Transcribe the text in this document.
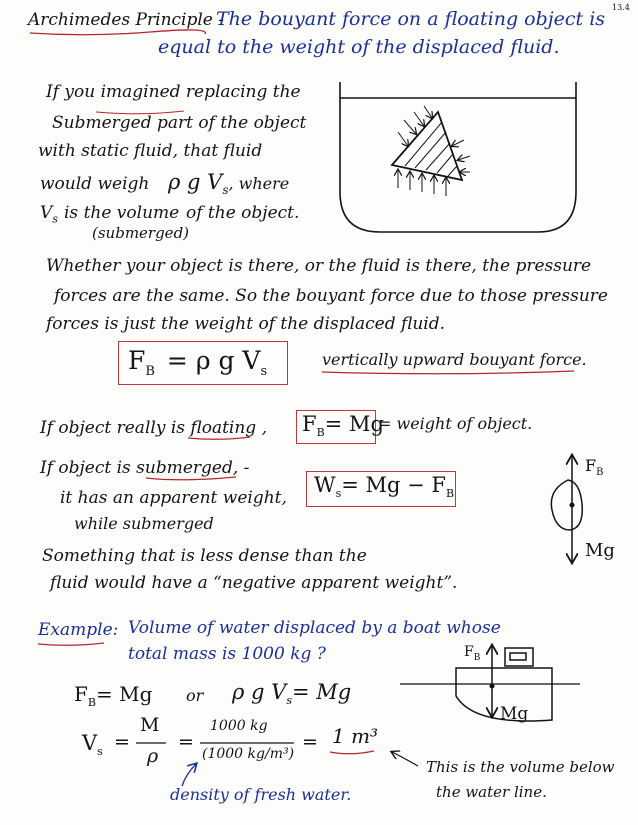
13.4
Archimedes Principle -
The bouyant force on a floating object is
equal to the weight of the displaced fluid.
If you imagined replacing the
Submerged part of the object
with static fluid, that fluid
would weigh ρ g $V_s$, where
$V_s$ is the volume of the object.
(submerged)
Whether your object is there, or the fluid is there, the pressure
forces are the same. So the bouyant force due to those pressure
forces is just the weight of the displaced fluid.
$F_B = \rho$ g $V_s$
vertically upward bouyant force.
If object really is floating , $F_B= Mg$
= weight of object.
If object is submerged, -
it has an apparent weight,
while submerged
$W_s= Mg - F_B$
$F_B$
Mg
Something that is less dense than the
fluid would have a “negative apparent weight”.
Example: Volume of water displaced by a boat whose
total mass is 1000 kg ?
$F_B= Mg$ or ρ g $V_s= Mg$
$V_s$ =
M
ρ
=
1000 kg
(1000 kg/m³)
= 1 m³
density of fresh water.
This is the volume below
the water line.
$F_B$
Mg
